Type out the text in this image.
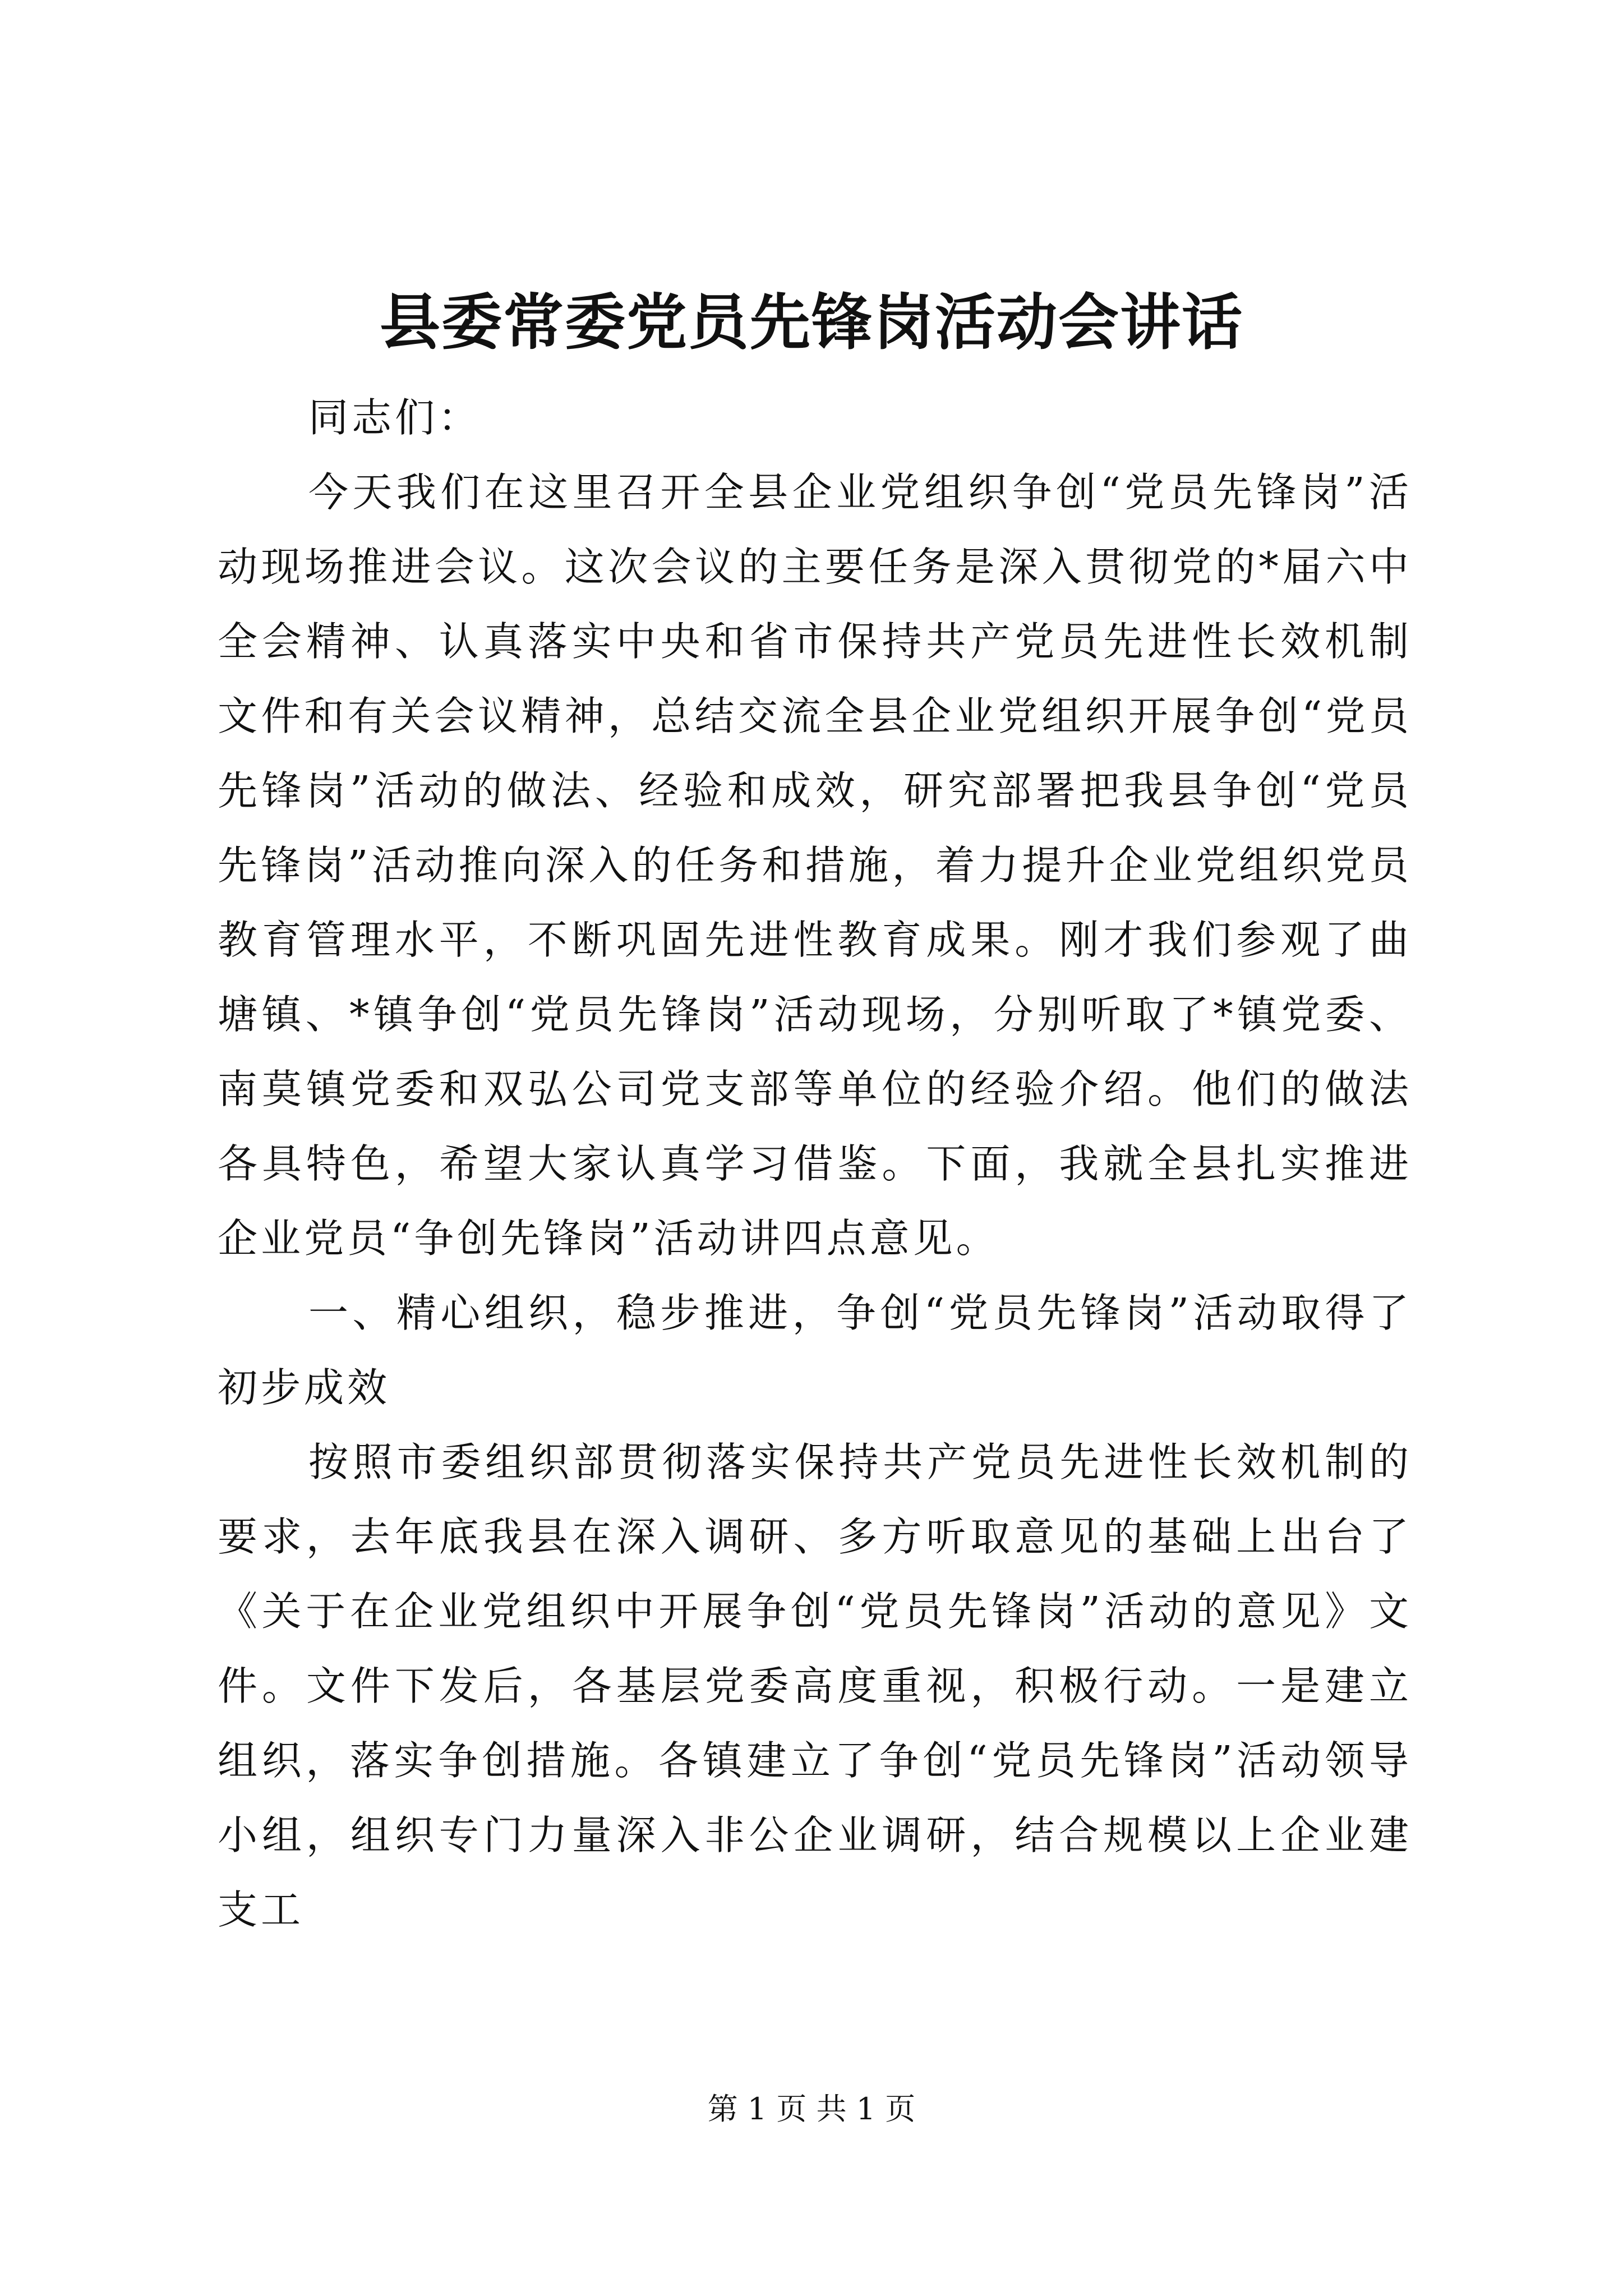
县委常委党员先锋岗活动会讲话

同志们：

今天我们在这里召开全县企业党组织争创“党员先锋岗”活动现场推进会议。这次会议的主要任务是深入贯彻党的*届六中全会精神、认真落实中央和省市保持共产党员先进性长效机制文件和有关会议精神，总结交流全县企业党组织开展争创“党员先锋岗”活动的做法、经验和成效，研究部署把我县争创“党员先锋岗”活动推向深入的任务和措施，着力提升企业党组织党员教育管理水平，不断巩固先进性教育成果。刚才我们参观了曲塘镇、*镇争创“党员先锋岗”活动现场，分别听取了*镇党委、南莫镇党委和双弘公司党支部等单位的经验介绍。他们的做法各具特色，希望大家认真学习借鉴。下面，我就全县扎实推进企业党员“争创先锋岗”活动讲四点意见。

一、精心组织，稳步推进，争创“党员先锋岗”活动取得了初步成效

按照市委组织部贯彻落实保持共产党员先进性长效机制的要求，去年底我县在深入调研、多方听取意见的基础上出台了《关于在企业党组织中开展争创“党员先锋岗”活动的意见》文件。文件下发后，各基层党委高度重视，积极行动。一是建立组织，落实争创措施。各镇建立了争创“党员先锋岗”活动领导小组，组织专门力量深入非公企业调研，结合规模以上企业建支工

第 1 页 共 1 页
